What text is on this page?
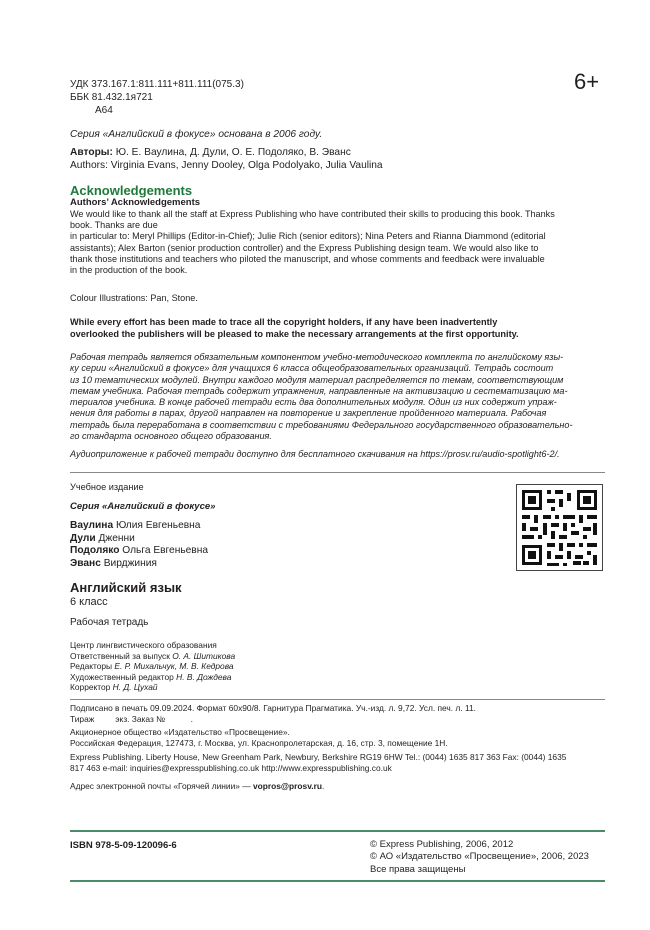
УДК 373.167.1:811.111+811.111(075.3)

ББК 81.432.1я721

А64

6+

Серия «Английский в фокусе» основана в 2006 году.

Авторы: Ю. Е. Ваулина, Д. Дули, О. Е. Подоляко, В. Эванс

Authors: Virginia Evans, Jenny Dooley, Olga Podolyako, Julia Vaulina

Acknowledgements
Authors’ Acknowledgements

We would like to thank all the staff at Express Publishing who have contributed their skills to producing this book. Thanks

book. Thanks are due

in particular to: Meryl Phillips (Editor-in-Chief); Julie Rich (senior editors); Nina Peters and Rianna Diammond (editorial

assistants); Alex Barton (senior production controller) and the Express Publishing design team. We would also like to

thank those institutions and teachers who piloted the manuscript, and whose comments and feedback were invaluable

in the production of the book.

Colour Illustrations: Pan, Stone.

While every effort has been made to trace all the copyright holders, if any have been inadvertently

overlooked the publishers will be pleased to make the necessary arrangements at the first opportunity.

Рабочая тетрадь является обязательным компонентом учебно-методического комплекта по английскому язы-

ку серии «Английский в фокусе» для учащихся 6 класса общеобразовательных организаций. Тетрадь состоит

из 10 тематических модулей. Внутри каждого модуля материал распределяется по темам, соответствующим

темам учебника. Рабочая тетрадь содержит упражнения, направленные на активизацию и сестематизацию ма-

териалов учебника. В конце рабочей тетради есть два дополнительных модуля. Один из них содержит упраж-

нения для работы в парах, другой направлен на повторение и закрепление пройденного материала. Рабочая

тетрадь была переработана в соответствии с требованиями Федерального государственного образовательно-

го стандарта основного общего образования.

Аудиоприложение к рабочей тетради доступно для бесплатного скачивания на https://prosv.ru/audio-spotlight6-2/.

Учебное издание

Серия «Английский в фокусе»

Ваулина Юлия Евгеньевна

Дули Дженни

Подоляко Ольга Евгеньевна

Эванс Вирджиния

Английский язык

6 класс

Рабочая тетрадь

Центр лингвистического образования

Ответственный за выпуск О. А. Шитикова

Редакторы Е. Р. Михальчук, М. В. Кедрова

Художественный редактор Н. В. Дождева

Корректор Н. Д. Цухай

Подписано в печать 09.09.2024. Формат 60х90/8. Гарнитура Прагматика. Уч.-изд. л. 9,72. Усл. печ. л. 11.

Тираж         экз. Заказ №           .

Акционерное общество «Издательство «Просвещение».

Российская Федерация, 127473, г. Москва, ул. Краснопролетарская, д. 16, стр. 3, помещение 1Н.

Express Publishing. Liberty House, New Greenham Park, Newbury, Berkshire RG19 6HW Tel.: (0044) 1635 817 363 Fax: (0044) 1635

817 463 e-mail: inquiries@expresspublishing.co.uk http://www.expresspublishing.co.uk

Адрес электронной почты «Горячей линии» — vopros@prosv.ru.

ISBN 978-5-09-120096-6	© Express Publishing, 2006, 2012

© АО «Издательство «Просвещение», 2006, 2023

Все права защищены
